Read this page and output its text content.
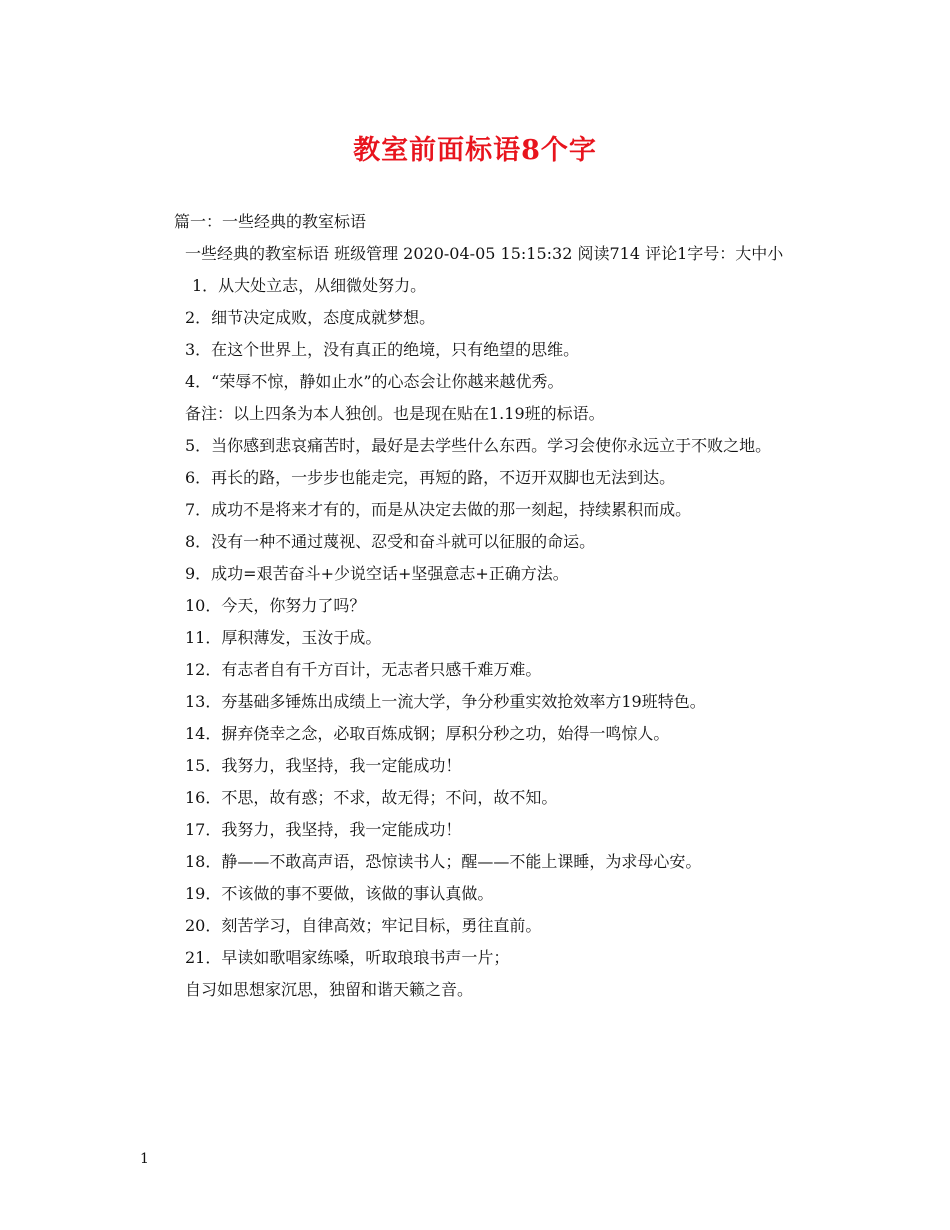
教室前面标语8个字

篇一：一些经典的教室标语

一些经典的教室标语 班级管理 2020-04-05 15:15:32 阅读714 评论1字号：大中小

1．从大处立志，从细微处努力。

2．细节决定成败，态度成就梦想。

3．在这个世界上，没有真正的绝境，只有绝望的思维。

4．“荣辱不惊，静如止水”的心态会让你越来越优秀。

备注：以上四条为本人独创。也是现在贴在1.19班的标语。

5．当你感到悲哀痛苦时，最好是去学些什么东西。学习会使你永远立于不败之地。

6．再长的路，一步步也能走完，再短的路，不迈开双脚也无法到达。

7．成功不是将来才有的，而是从决定去做的那一刻起，持续累积而成。

8．没有一种不通过蔑视、忍受和奋斗就可以征服的命运。

9．成功=艰苦奋斗+少说空话+坚强意志+正确方法。

10．今天，你努力了吗？

11．厚积薄发，玉汝于成。

12．有志者自有千方百计，无志者只感千难万难。

13．夯基础多锤炼出成绩上一流大学，争分秒重实效抢效率方19班特色。

14．摒弃侥幸之念，必取百炼成钢；厚积分秒之功，始得一鸣惊人。

15．我努力，我坚持，我一定能成功！

16．不思，故有惑；不求，故无得；不问，故不知。

17．我努力，我坚持，我一定能成功！

18．静——不敢高声语，恐惊读书人；醒——不能上课睡，为求母心安。

19．不该做的事不要做，该做的事认真做。

20．刻苦学习，自律高效；牢记目标，勇往直前。

21．早读如歌唱家练嗓，听取琅琅书声一片；

自习如思想家沉思，独留和谐天籁之音。

1
